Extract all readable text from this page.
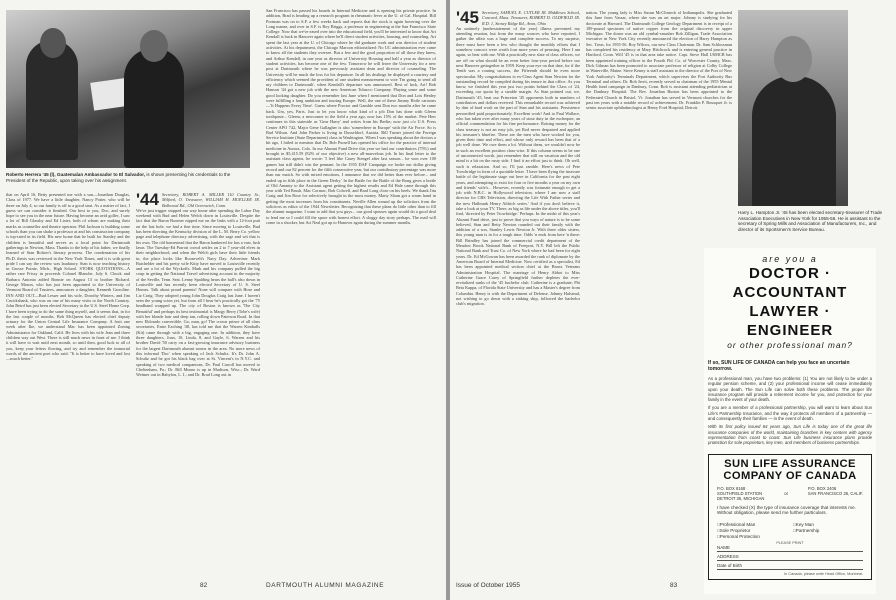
Roberto Herrera '45 (l), Guatemalan Ambassador to El Salvador, is shown presenting his credentials to the President of the Republic, upon taking over his assignment.

that on April 16, Betty presented me with a son—Jonathan Douglas, Class of 1977. We have a little daughter, Nancy Potter, who will be three on July 4, so our family is off to a good start. As a matter of fact, I guess we can consider it finished. Our best to you, Doc, and surely hope to see you in the near future. Having become an avid golfer, I saw a lot of Bill Glassby and Ed Lister, both of whom are making their marks as counsellor and theatre operator. Phil Jackson is building some schools than you can shake a professor at and his construction company is top-rated in its field. His new home that he built for Stanley and the children is beautiful and serves as a focal point for Dartmouth gatherings in Newton, Mass. Thanks to the help of his father, we finally learned of Stan Bolster's literary prowess. The condensation of his Ph.D. thesis was reviewed in the New York Times, and it is with great pride I can say the review was laudatory. Stan is now teaching history in Grosse Pointe, Mich., High School. STORK QUOTATIONS—A rather rare Frissy in proceeds Colonel Blanche, July 6. Chuck and Barbara Antonio added Bonnie on August 13 to brother Richard. George Mason, who has just been appointed to the University of Vermont Board of Trustees, announces a daughter, Kenneth Carroline. INN AND OUT—Bud Lesser and his wife, Dorothy Winters, and Jim Cruickshank, who was on one of his many visits to the North Country. John Beird has just been elected Secretary to the U.S. Steel Home Corp. I have been trying to do the same thing myself, and it seems that, in for the last couple of months. Bob McQueen has elected chief deputy actuary for the Union Central Life Insurance Company. A fruit one week after Ike, we understand Mac has been appointed Zoning Administrator for Oakland, Calif. He lives with his wife Jean and three children way out West. There is still much news in front of me. I think it will have to wait until next month, so until then, good luck to all of you, keep your letters flowing, and try and remember the immortal words of the ancient poet who said: "It is better to have loved and lost—much better."

'44 Secretary, ROBERT A. MILLER 110 Country St., Milford, O. Treasurer, WILLIAM H. MUELLER JR. Ballwood Rd., Old Greenwich, Conn.

We've just trigger stopped our way home after spending the Labor Day weekend with Bud and Helen Welch down in Louisville. Despite the fact that the Baron Boomer nipped me on the links with a 12-foot putt on the last hole, we had a fine time. Since moving to Louisville, Bud has been directing the Kentucky division of the L. M. Berry Co. yellow page and telephone directory advertising, with the sage and wit that is his own. The old homestead that the Baron hankered for has a vast, lush lawn. The Tuesday-Ed Parrott crowd settles on 2 to 7 year-old elves in their neighborhood, and when the Welch girls have their little friends in, the place looks like Roosevelt's Navy Day. Advertiser Mark Batchelder and his pretty wife Kitty have moved to Louisville recently and are a lot of the Wyckoffs. Mark and his company pulled the big coup in getting the National Travel advertising account in the majority of the Seville, Tenn. Seat. Lenny Spalding hears the ball's also down in Louisville and has recently been elected Secretary of U. S. Steel Homes. Talk about proud parents! None will compare with Hose and Liz Craig. They adopted young John Douglas Craig last June. I haven't seen the young scion yet, but from all I hear he's practically got the '75 headband wrapped up. The city of Boston is known as 'The City Beautiful' and perhaps its best testimonial is Margy Berry (Tobe's wife) with her blonde hair and deep tan, rolling down Paterson Road. In that new Eldorado convertible. Go, man, go! The crown prince of all class secretaries, Ernie Eaching '48, has told me that the Warren Kimballs (Kit) came through with a big, engaging one. In addition, they have three daughters, Joan, 10, Linda, 8, and Gayle, 6. Warren and his brother David '50 carry on a fast-growing insurance advisory business for the largest Dartmouth alumni rooms in the area. No more news of this informal 'Doc' when speaking of Jack Schultz. It's Dr. John A. Schultz and he got his black bag over at St. Vincent's in N.Y.C. and speaking of two medical companions, Dr. Paul Carroll has moved to Cheltenham, Pa.; Dr. Bill Munro is up in Madison, Wisc.; Dr. Ward Weimer out in Babylon, L. I.; and Dr. Brad Long out in

San Francisco has passed his boards in Internal Medicine and is opening his private practice. In addition, Brad is heading up a research program in rheumatic fever at the U. of Cal. Hospital. Bill Portman was on to S.F. a few weeks back and reports that the stock is again hovering over the Long manse, and over in S.F. is Roy Briggs, a professor in engineering at the San Francisco State College. Now that we've eased over into the educational field, you'll be interested to know that Art Kendall is back in Hanover again where he'll direct student activities, housing, and counseling. Art spent the last year at the U. of Chicago where he did graduate work and was director of student activities. At his department, the Chicago Maroon editorialized: No UC administration ever came to know all the students they oversee. But a few and the good proportion of all those they knew, and Arthur Kendall, in one year as director of University Housing and half a year as director of student activities, has become one of the few. Tomorrow he will leave the University for a new post at Dartmouth where he was previously assistant dean and director of counseling. The University will be much the loss for his departure. In all his dealings he displayed a courtesy and efficiency which seemed the provident of one student measurement to vote 'I'm going to send all my children to Dartmouth', when Kendall's departure was announced. Best of luck, Art! Bob Hanson '44 got a new job with the new American Tobacco Company. Playing some and some good looking daughter. Do you remember last June when I mentioned that Don and Lois Henley were fulfilling a long ambition and touring Europe. Well, the one of these Jimmy Hoile cartoons—'It Happens Every Time'. Guess where Proctor and Gamble sent Don two months after he came back. Um, yes, Paris. Just to let you know what kind of a job Don has done with Gleem toothpaste... Gleem, a newcomer to the field a year ago, now has 15% of the market. Pete Herr continues in this stateside as 'Gear Harry' and writes from his Berlin; now just c/o U.S. Press Center APO 742, Major Gene Gallagher is also 'somewhere in Europe' with the Air Force. So is Bud Wilson. And John Parker is living in Dusseldorf, Austria. Bill Turner joined the Foreign Service Institute (State Department) class in Washington. When I was speaking about the doctors a bit ago, I failed to mention that Dr. Bob Pursell has opened his office for the practice of internal medicine in Aurora, Colo. In our Alumni Fund Drive this year we had our contributors (75%) and brought in $5,415.59 (82% of our objective) a new all-marvelous job. In his final letter to the assistant class agents, he wrote: 'I feel like Casey Stengel after last season... he won over 100 games but still didn't win the pennant. In the 1955 DAF Campaign we broke our dollar giving record and our 82 percent for the fifth consecutive year, but our contributory percentage was more than our match. So with mixed emotions, I announce that we did better than ever before... and ended up in fifth place in the Green Derby.' In the Battle for the Battle of the Bong gives a bottle of Old Amanty to the Assistant agent getting the highest results and Ed Hale came through this year with Ted Brush, Mac Cormac, Bob Colwell, and Brad Long close on his heels. We thank Jim Craig and Jim Rose for selectively brought in the most money. Marty Sloan got a warm hand in getting the most increases from his constituents. Neville Allen wound up the solicitors from the solicitors as editor of the 1944 Newsletter. Recognizing that these plans do little other than to fill the alumni magazine, I want to add that you guys... our good spouses again would do a good deal to lend me so I could fill the space with honest effort. A sloggy day story perhaps. The mail will come in a shocker, but Art Neal got up to Hanover again during the summer months.

82	DARTMOUTH ALUMNI MAGAZINE
'45 Secretary, SAMUEL E. CUTLER JR. Middlesex School, Concord, Mass. Treasurer, ROBERT D. OLDFIELD JR. R.D. 1, Stoney Ridge Rd., Avon, Ohio

An untimely (understatement of the year) illness prevented my attending reunion, but from the many sources who have reported, I gather the affair was a huge and complete success. To my surprise, there must have been a few who thought the monthly efforts that I somehow concoct were worth four more years of perusing. Here I am again, so bear with me. With a practically new slate of class officers, we are off on what should be an even better four-year period before our next Hanover gettogether in 1959. Keep your eye on that date, for if the Tenth was a roaring success, the Fifteenth should be even more spectacular. My congratulations to ex-Class Agent Stan Newton for the outstanding record he compiled during his tenure in that office. As you know, we finished this year just two points behind the Class of '24, exceeding our quota by a sizable margin. As Stan pointed out, we, Dartmouth '45, beat our Princeton '45 opponents both in numbers of contributors and dollars received. This remarkable record was achieved by dint of hard work on the part of Stan and his assistants. Persistence personified paid proportionately. Excellent work! And to Paul Wallace, who has taken over after many years of stout duty in the exchequer, an official commendation for his fine performance. Raising money for the class treasury is not an easy job, yet Rod never despaired and applied his treasurer's bluefire. These are the men who have worked for you, given their time and effort, and whose only reward has been that of a job well done. We owe them a lot. Without them, we wouldn't now be in such an excellent position class-wise. If this column seems to be one of unconnected worth, just remember that still on vacation and the old mind is a bit on the rusty side. I find it an effort just to think. Oh well, such is relaxation. And so, I'll just ramble. Here's news of Pete Trowbridge in form of a quotable letter. 'I have been flying the insecure battle of the legitimate stage out here in California for the past eight years, and attempting to exist for four or five months a year on my own and friends' wife's... However, recently was fortunate enough to get a job with N.B.C. in Hollywood television, where I am now a staff director for CBS Television, directing the Life With Father series and the new Hallmark Henry Aldrich series.' And if you don't believe it, take a look at your TV. There, as big as life under the above titles, you'll find, 'directed by Peter Trowbridge.' Perhaps. In the midst of this year's Alumni Fund drive, just to prove that you ways of nature is to be some believed, Stan and Betty Newton rounded out their family with the addition of a son, Stanley Lewis Newton Jr. With three older sisters, this young man is in for a tough time. Odds 'n ends from here 'n there: Bill Brindley has joined the commercial credit department of the Meadow Brook National Bank of Freeport, N.Y. Bill left the Public National Bank and Trust Co. of New York where he had been for eight years. Dr. Ed McGowan has been awarded the rank of diplomate by the American Board of Internal Medicine. Now certified as a specialist, Ed has been appointed medical section chief at the Bronx Veterans Administration Hospital. The marriage of Henry Abbot to Miss Catherine Grace Carey of Springfield further depletes the ever-revitalized ranks of the '45 bachelor club. Catherine is a graduate, Phi Beta Kappa, of Florida State University and has a Master's degree from Columbia. Henry is with the Department of Defense. Johnny Halstead, not wishing to go down with a sinking ship, followed the bachelor club's migration.

nation. The young lady is Miss Susan McClintock of Indianapolis. She graduated this June from Vassar, where she was an art major. Johnny is studying for his doctorate at Harvard. The Dartmouth College Geology Department is in receipt of a 189-pound specimen of native copper from the original discovery in upper Michigan. The donor was an old cymbal-smasher Bob Zilligan, Trade Association executive in New York City recently announced the election of Harry Hampton as Sec. Treas. for 1955-56. Roy Wilcox, our new Class Chairman. Dr. Sam Schlossman has completed his residency at Mary Hitchcock and is entering general practice in Hartford, Conn. Will '45 is in that area take notice. Capt. Steve Hall USMCR has been appointed training officer in the Fourth Fld. Co. of Worcester County, Mass. Dick Gilman has been promoted to associate professor of religion at Colby College in Waterville, Maine. Steve Kenny is staff assistant to the director of the Port of New York Authority's Terminals Department, which supervises the Port Authority Bus Terminal and others. Dr. Bob Jerrit, recently served as chairman of the 1955 Mental Health fund campaign in Danbury, Conn. Bob is assistant attending pediatrician at the Danbury Hospital. The Rev. Jonathan Burton has been appointed to the Federated Church in Bristol, Vt. Jonathan has served in Vermont churches for the past ten years with a notable record of achievement. Dr. Franklin P. Bousquet Jr. is senior associate ophthalmologist at Henry Ford Hospital, Detroit.

Harry L. Hampton Jr. '45 has been elected secretary-treasurer of Trade Association Executives in New York for 1955-56. He is assistant to the secretary of Spring Mills and Association of Manufacturers, Inc., and director of its Sportsmen's Service Bureau.
Issue of October 1955	83
are you a
DOCTOR · ACCOUNTANT
LAWYER · ENGINEER
or other professional man?
If so, SUN LIFE OF CANADA can help you face an uncertain tomorrow.
As a professional man, you have two problems: (1) You are not likely to be under a regular pension scheme, and (2) your professional income will cease immediately upon your death. The Sun Life can solve both these problems. The proper life insurance program will provide a retirement income for you, and protection for your family in the event of your death.
If you are a member of a professional partnership, you will want to learn about Sun Life's Partnership Insurance, and the way it protects all members of a partnership — and consequently their families — in the event of death.
With its first policy issued 84 years ago, Sun Life is today one of the great life insurance companies of the world, maintaining branches in key centers with agency representation from coast to coast. Sun Life business insurance plans provide protection for sole proprietors, key men, and members of business partnerships.
SUN LIFE ASSURANCE COMPANY OF CANADA
P.O. BOX 8168
SOUTHFIELD STATION
DETROIT 35, MICHIGAN
or
P.O. BOX 2406
SAN FRANCISCO 26, CALIF.
I have checked (X) the type of insurance coverage that interests me. Without obligation, please send me further particulars.
□ Professional Man	□ Key Man
□ Sole Proprietor	□ Partnership
□ Personal Protection
PLEASE PRINT
NAME
ADDRESS
Date of Birth
In Canada, please write Head Office, Montreal.
